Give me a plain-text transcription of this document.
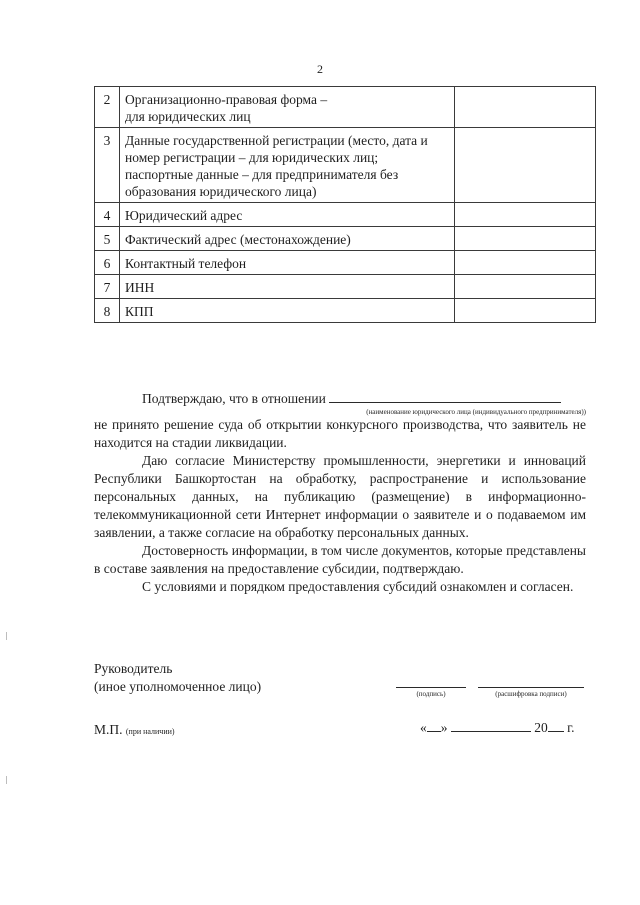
2
2	Организационно-правовая форма –
для юридических лиц	
3	Данные государственной регистрации (место, дата и номер регистрации – для юридических лиц;
паспортные данные – для предпринимателя без образования юридического лица)	
4	Юридический адрес	
5	Фактический адрес (местонахождение)	
6	Контактный телефон	
7	ИНН	
8	КПП	

Подтверждаю, что в отношении

(наименование юридического лица (индивидуального предпринимателя))

не принято решение суда об открытии конкурсного производства, что заявитель не находится на стадии ликвидации.

Даю согласие Министерству промышленности, энергетики и инноваций Республики Башкортостан на обработку, распространение и использование персональных данных, на публикацию (размещение) в информационно-телекоммуникационной сети Интернет информации о заявителе и о подаваемом им заявлении, а также согласие на обработку персональных данных.

Достоверность информации, в том числе документов, которые представлены в составе заявления на предоставление субсидии, подтверждаю.

С условиями и порядком предоставления субсидий ознакомлен и согласен.

Руководитель
(иное уполномоченное лицо)	(подпись)	(расшифровка подписи)
М.П. (при наличии)	« »	20 г.
